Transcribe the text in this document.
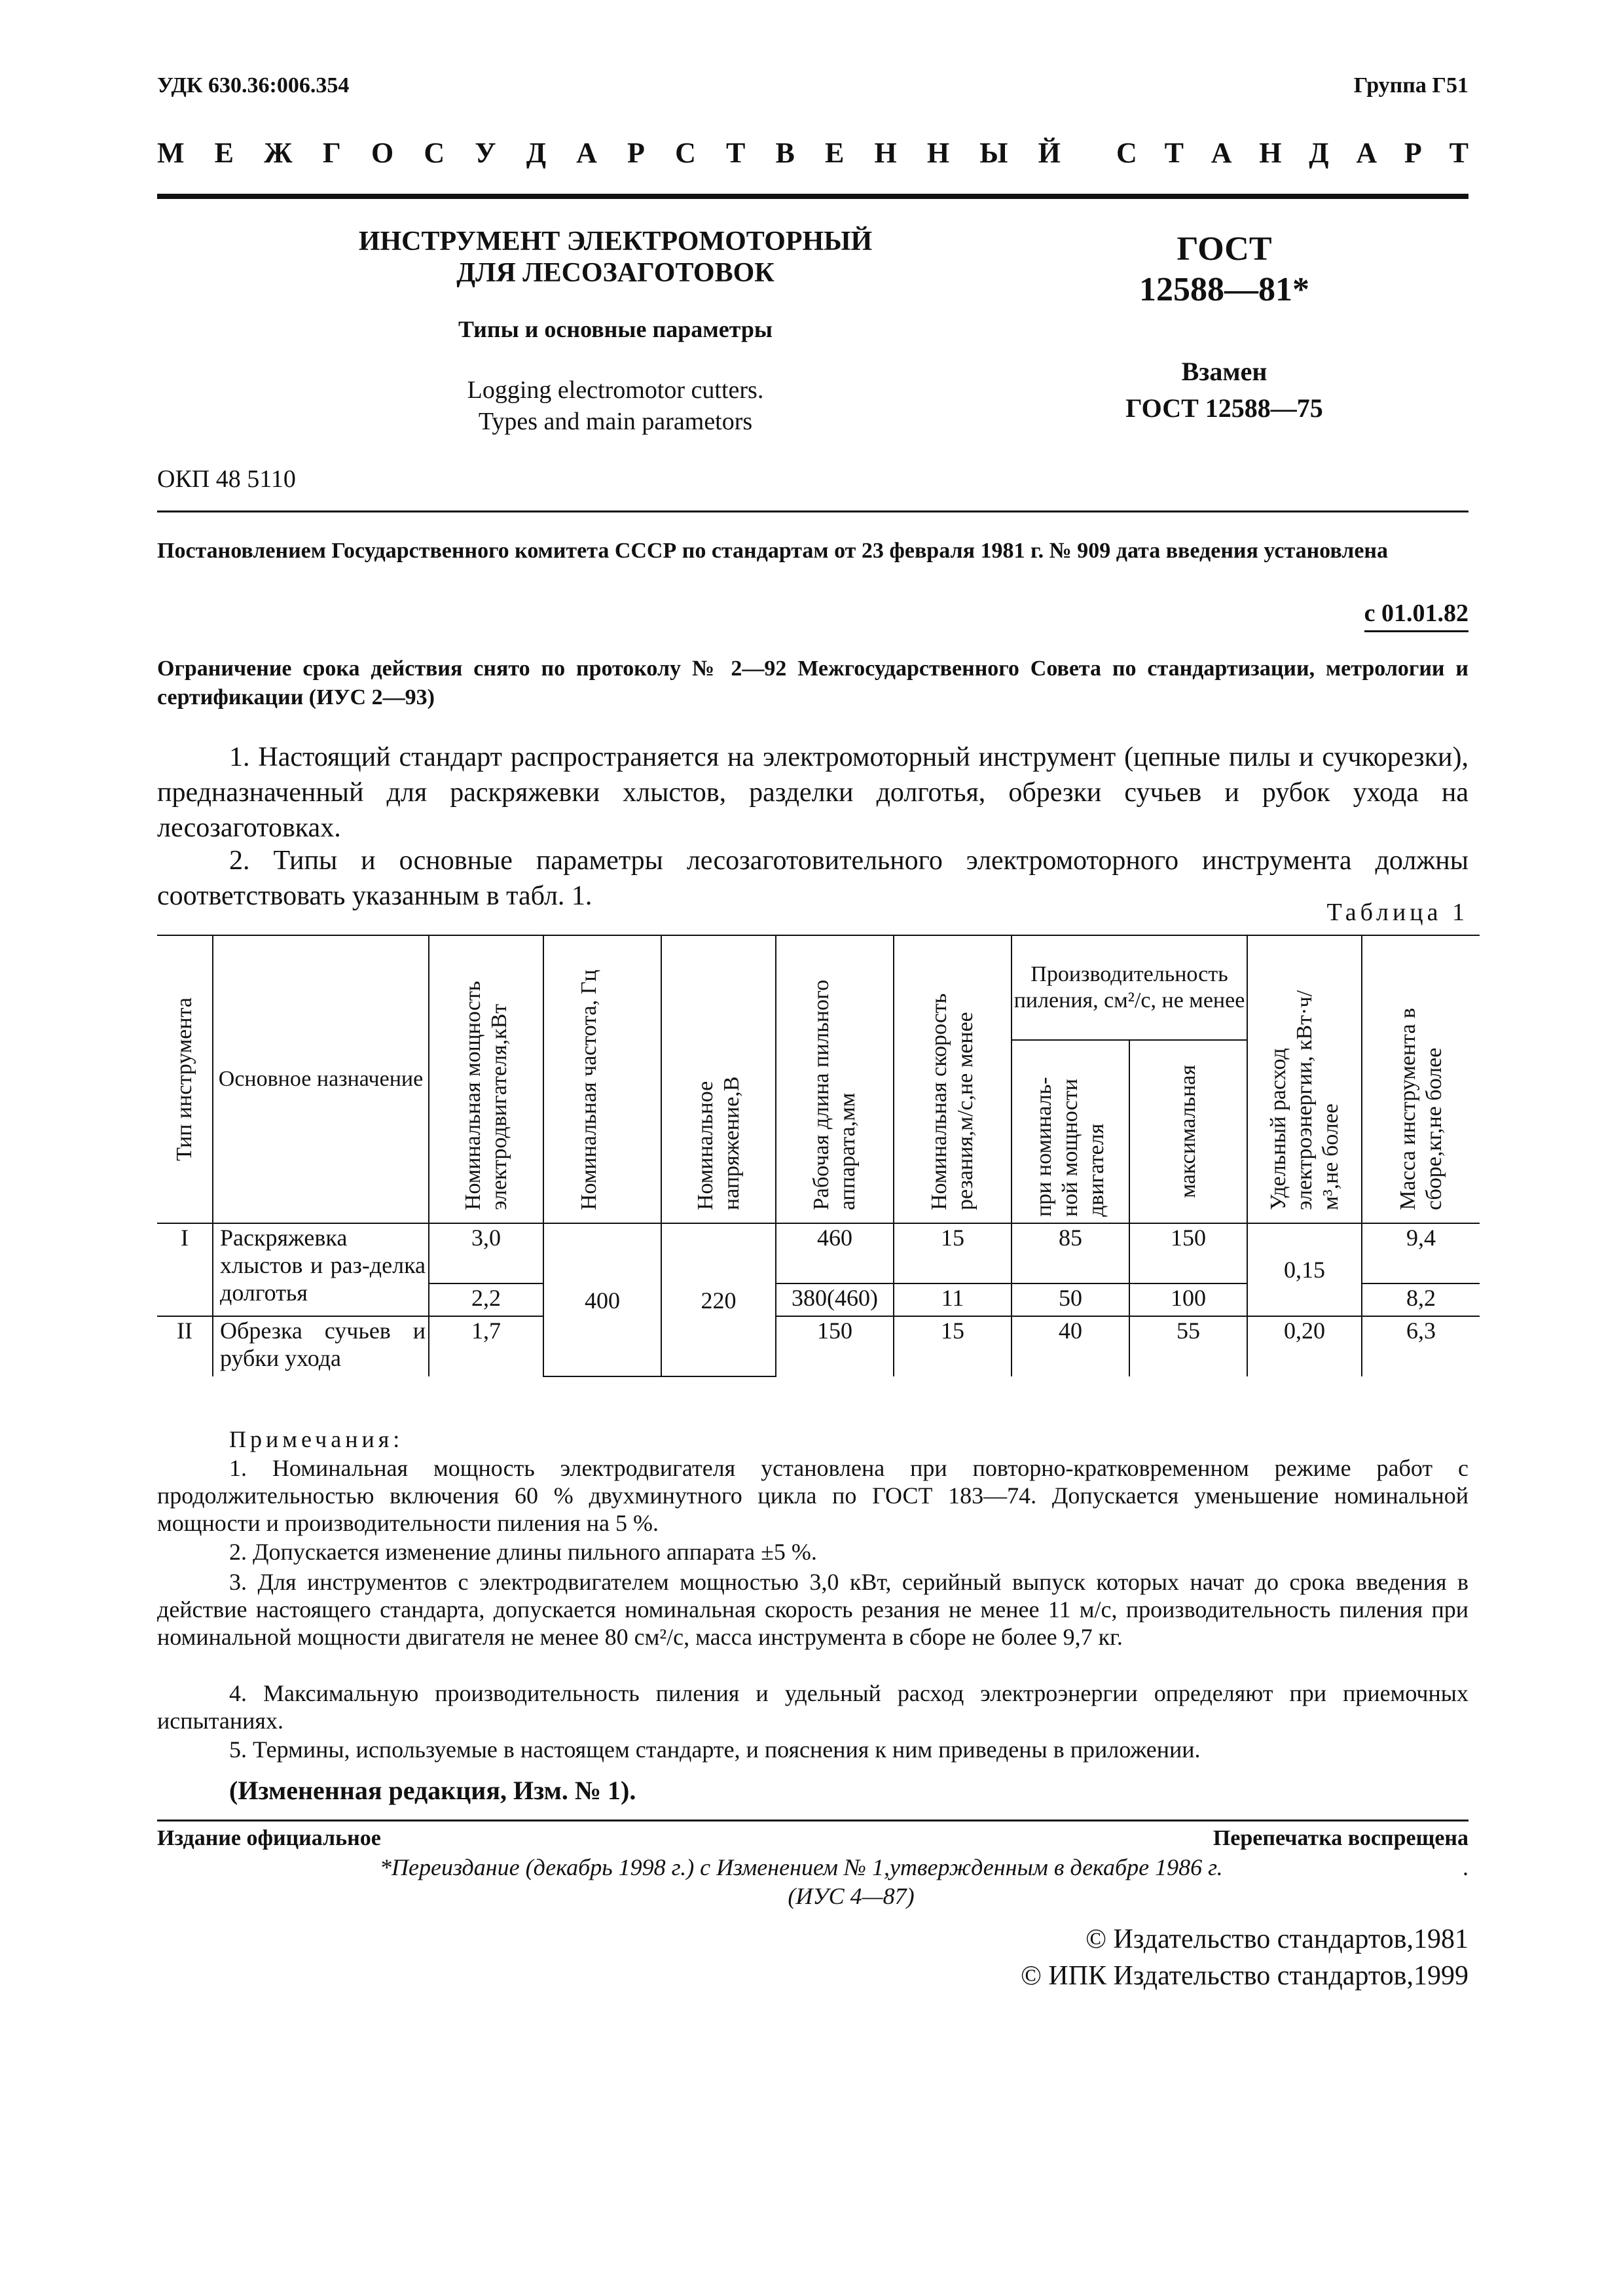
УДК 630.36:006.354	Группа Г51
М Е Ж Г О С У Д А Р С Т В Е Н Н Ы Й С Т А Н Д А Р Т
ИНСТРУМЕНТ ЭЛЕКТРОМОТОРНЫЙ
ДЛЯ ЛЕСОЗАГОТОВОК
Типы и основные параметры
Logging electromotor cutters.
Types and main parametors
ГОСТ
12588—81*
Взамен
ГОСТ 12588—75
ОКП 48 5110
Постановлением Государственного комитета СССР по стандартам от 23 февраля 1981 г. № 909 дата введения установлена
с 01.01.82
Ограничение срока действия снято по протоколу № 2—92 Межгосударственного Совета по стандартизации, метрологии и сертификации (ИУС 2—93)
1. Настоящий стандарт распространяется на электромоторный инструмент (цепные пилы и сучкорезки), предназначенный для раскряжевки хлыстов, разделки долготья, обрезки сучьев и рубок ухода на лесозаготовках.
2. Типы и основные параметры лесозаготовительного электромоторного инструмента должны соответствовать указанным в табл. 1.
Таблица 1
Тип инструмента	Основное назначение	Номинальная мощность электродвигателя,кВт	Номинальная частота, Гц	Номинальное напряжение,В	Рабочая длина пильного аппарата,мм	Номинальная скорость резания,м/с,не менее	Производительность пиления, см²/с, не менее		Удельный расход электроэнергии, кВт·ч/м³,не более	Масса инструмента в сборе,кг,не более

							при номиналь-ной мощности двигателя	максимальная		

I	Раскряжевка хлыстов и раз-делка долготья	3,0	400	220	460	15	85	150	0,15	9,4
		2,2			380(460)	11	50	100		8,2
II	Обрезка сучьев и рубки ухода	1,7			150	15	40	55	0,20	6,3
Примечания:
1. Номинальная мощность электродвигателя установлена при повторно-кратковременном режиме работ с продолжительностью включения 60 % двухминутного цикла по ГОСТ 183—74. Допускается уменьшение номинальной мощности и производительности пиления на 5 %.
2. Допускается изменение длины пильного аппарата ±5 %.
3. Для инструментов с электродвигателем мощностью 3,0 кВт, серийный выпуск которых начат до срока введения в действие настоящего стандарта, допускается номинальная скорость резания не менее 11 м/с, производительность пиления при номинальной мощности двигателя не менее 80 см²/с, масса инструмента в сборе не более 9,7 кг.
4. Максимальную производительность пиления и удельный расход электроэнергии определяют при приемочных испытаниях.
5. Термины, используемые в настоящем стандарте, и пояснения к ним приведены в приложении.
(Измененная редакция, Изм. № 1).
Издание официальное	Перепечатка воспрещена
*Переиздание (декабрь 1998 г.) с Изменением № 1,утвержденным в декабре 1986 г.	.
(ИУС 4—87)
© Издательство стандартов,1981
© ИПК Издательство стандартов,1999
